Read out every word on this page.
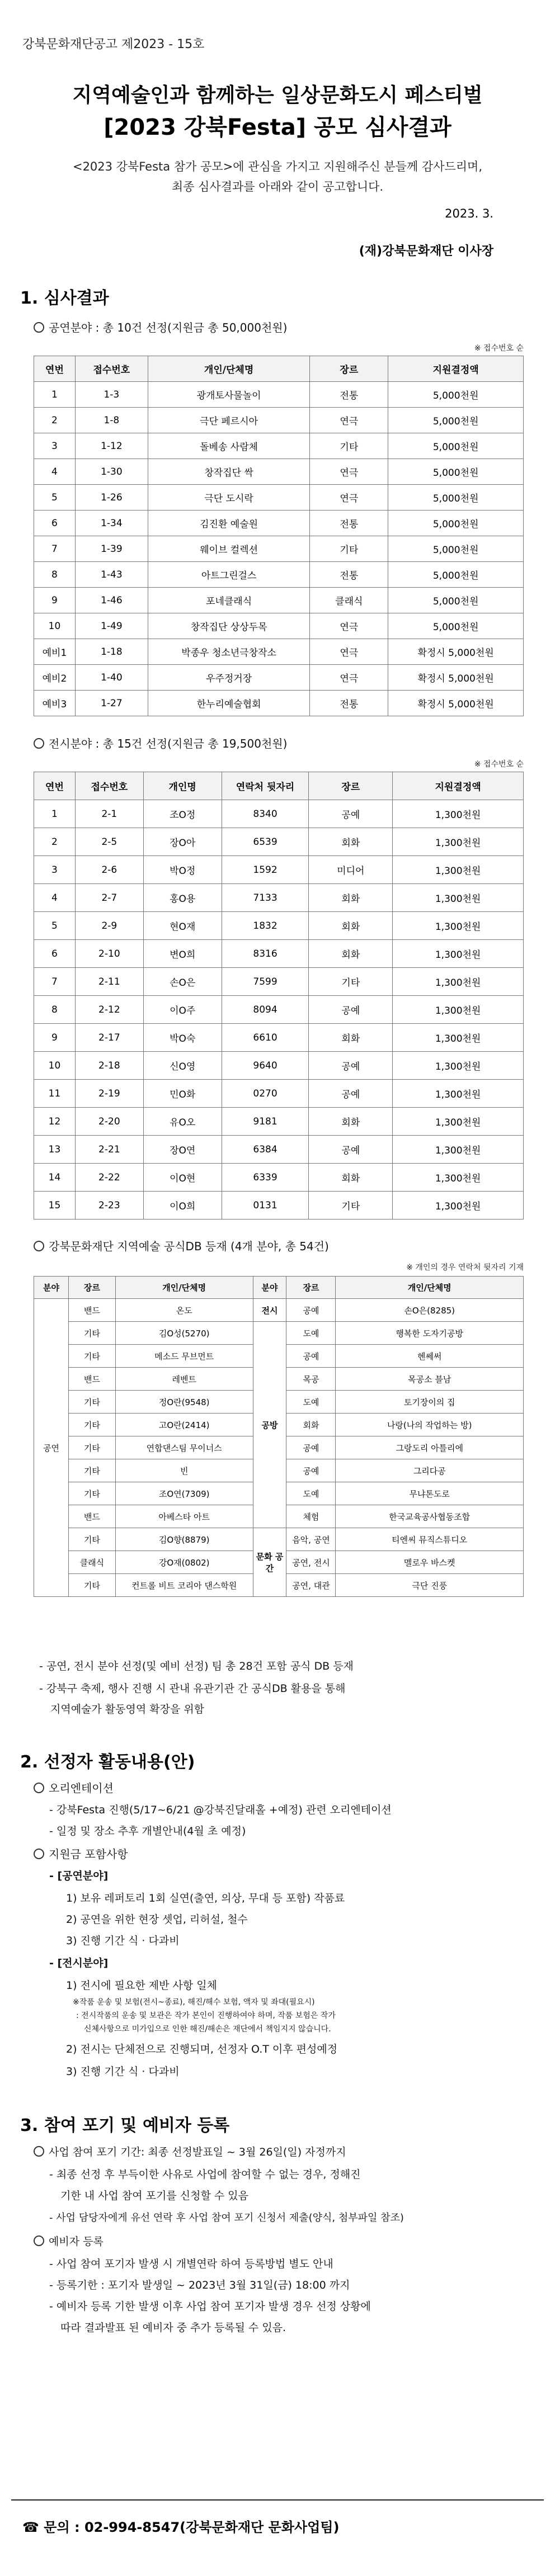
강북문화재단공고 제2023 - 15호
지역예술인과 함께하는 일상문화도시 페스티벌
[2023 강북Festa] 공모 심사결과
<2023 강북Festa 참가 공모>에 관심을 가지고 지원해주신 분들께 감사드리며,
최종 심사결과를 아래와 같이 공고합니다.
2023. 3.
(재)강북문화재단 이사장
1. 심사결과
공연분야 : 총 10건 선정(지원금 총 50,000천원)
※ 접수번호 순
연번	접수번호	개인/단체명	장르	지원결정액
1	1-3	광개토사물놀이	전통	5,000천원
2	1-8	극단 페르시아	연극	5,000천원
3	1-12	돌베송 사람체	기타	5,000천원
4	1-30	창작집단 싹	연극	5,000천원
5	1-26	극단 도시락	연극	5,000천원
6	1-34	김진환 예술원	전통	5,000천원
7	1-39	웨이브 컬렉션	기타	5,000천원
8	1-43	아트그린걸스	전통	5,000천원
9	1-46	포네클래식	클래식	5,000천원
10	1-49	창작집단 상상두목	연극	5,000천원
예비1	1-18	박종우 청소년극창작소	연극	확정시 5,000천원
예비2	1-40	우주정거장	연극	확정시 5,000천원
예비3	1-27	한누리예술협회	전통	확정시 5,000천원
전시분야 : 총 15건 선정(지원금 총 19,500천원)
※ 접수번호 순
연번	접수번호	개인명	연락처 뒷자리	장르	지원결정액
1	2-1	조O정	8340	공예	1,300천원
2	2-5	장O아	6539	회화	1,300천원
3	2-6	박O정	1592	미디어	1,300천원
4	2-7	홍O용	7133	회화	1,300천원
5	2-9	현O재	1832	회화	1,300천원
6	2-10	변O희	8316	회화	1,300천원
7	2-11	손O은	7599	기타	1,300천원
8	2-12	이O주	8094	공예	1,300천원
9	2-17	박O숙	6610	회화	1,300천원
10	2-18	신O영	9640	공예	1,300천원
11	2-19	민O화	0270	공예	1,300천원
12	2-20	유O오	9181	회화	1,300천원
13	2-21	장O연	6384	공예	1,300천원
14	2-22	이O현	6339	회화	1,300천원
15	2-23	이O희	0131	기타	1,300천원
강북문화재단 지역예술 공식DB 등재 (4개 분야, 총 54건)
※ 개인의 경우 연락처 뒷자리 기재
분야	장르	개인/단체명	분야	장르	개인/단체명
공연	밴드	온도	전시	공예	손O은(8285)
	기타	김O성(5270)	공방	도예	행복한 도자기공방
	기타	메소드 무브먼트		공예	헨쎄써
	밴드	레벤트		목공	목공소 블남
	기타	정O란(9548)		도예	토기장이의 집
	기타	고O란(2414)		회화	나랑(나의 작업하는 방)
	기타	연합댄스팀 무이너스		공예	그랑도리 아틀리에
	기타	빈		공예	그리다공
	기타	조O연(7309)		도예	무냐톤도로
	밴드	아베스타 아트		체험	한국교육공사협동조합
	기타	김O향(8879)	문화 공간	음악, 공연	티엔씨 뮤직스튜디오
	클래식	강O재(0802)		공연, 전시	멜로우 바스켓
	기타	컨트롤 비트 코리아 댄스학원		공연, 대관	극단 진풍
- 공연, 전시 분야 선정(및 예비 선정) 팀 총 28건 포함 공식 DB 등재
- 강북구 축제, 행사 진행 시 관내 유관기관 간 공식DB 활용을 통해
지역예술가 활동영역 확장을 위함
2. 선정자 활동내용(안)
오리엔테이션
- 강북Festa 진행(5/17~6/21 @강북진달래홀 +예정) 관련 오리엔테이션
- 일정 및 장소 추후 개별안내(4월 초 예정)
지원금 포함사항
- [공연분야]
1) 보유 레퍼토리 1회 실연(출연, 의상, 무대 등 포함) 작품료
2) 공연을 위한 현장 셋업, 리허설, 철수
3) 진행 기간 식 · 다과비
- [전시분야]
1) 전시에 필요한 제반 사항 일체
※작품 운송 및 보험(전시~종료), 해진/해수 보험, 액자 및 좌대(필요시)
: 전시작품의 운송 및 보관은 작가 본인이 진행하여야 하며, 작품 보험은 작가
신체사항으로 미가입으로 인한 해진/해손은 재단에서 책임지지 않습니다.
2) 전시는 단체전으로 진행되며, 선정자 O.T 이후 편성예정
3) 진행 기간 식 · 다과비
3. 참여 포기 및 예비자 등록
사업 참여 포기 기간: 최종 선정발표일 ~ 3월 26일(일) 자정까지
- 최종 선정 후 부득이한 사유로 사업에 참여할 수 없는 경우, 정해진
기한 내 사업 참여 포기를 신청할 수 있음
- 사업 담당자에게 유선 연락 후 사업 참여 포기 신청서 제출(양식, 첨부파일 참조)
예비자 등록
- 사업 참여 포기자 발생 시 개별연락 하여 등록방법 별도 안내
- 등록기한 : 포기자 발생일 ~ 2023년 3월 31일(금) 18:00 까지
- 예비자 등록 기한 발생 이후 사업 참여 포기자 발생 경우 선정 상황에
따라 결과발표 된 예비자 중 추가 등록될 수 있음.
☎ 문의 : 02-994-8547(강북문화재단 문화사업팀)
